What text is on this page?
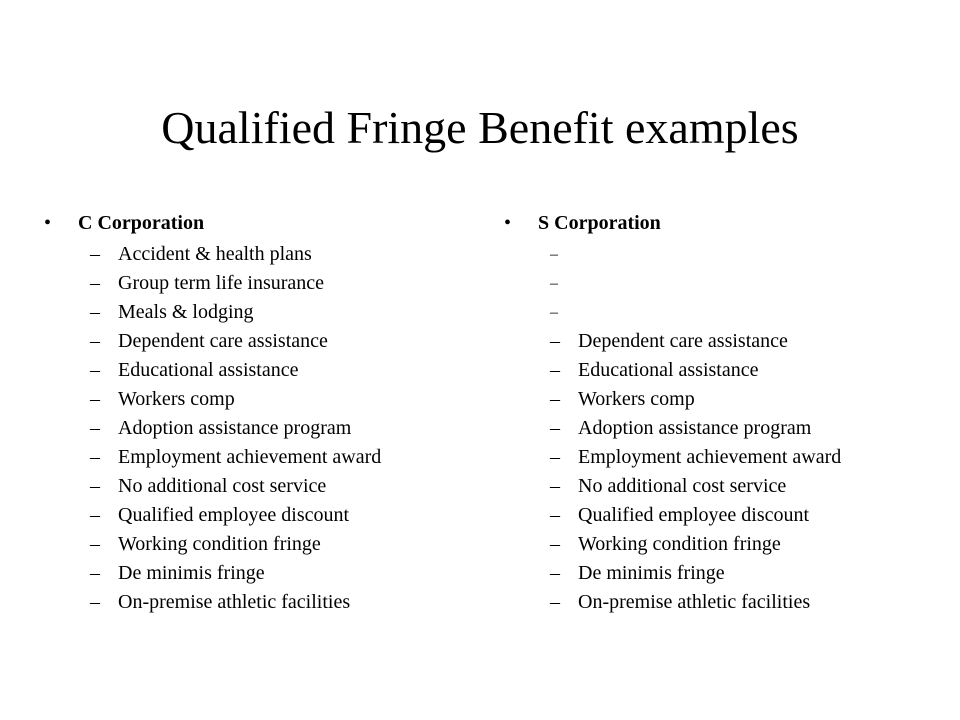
Qualified Fringe Benefit examples
• C Corporation
– Accident & health plans
– Group term life insurance
– Meals & lodging
– Dependent care assistance
– Educational assistance
– Workers comp
– Adoption assistance program
– Employment achievement award
– No additional cost service
– Qualified employee discount
– Working condition fringe
– De minimis fringe
– On-premise athletic facilities
• S Corporation
–
–
–
– Dependent care assistance
– Educational assistance
– Workers comp
– Adoption assistance program
– Employment achievement award
– No additional cost service
– Qualified employee discount
– Working condition fringe
– De minimis fringe
– On-premise athletic facilities
